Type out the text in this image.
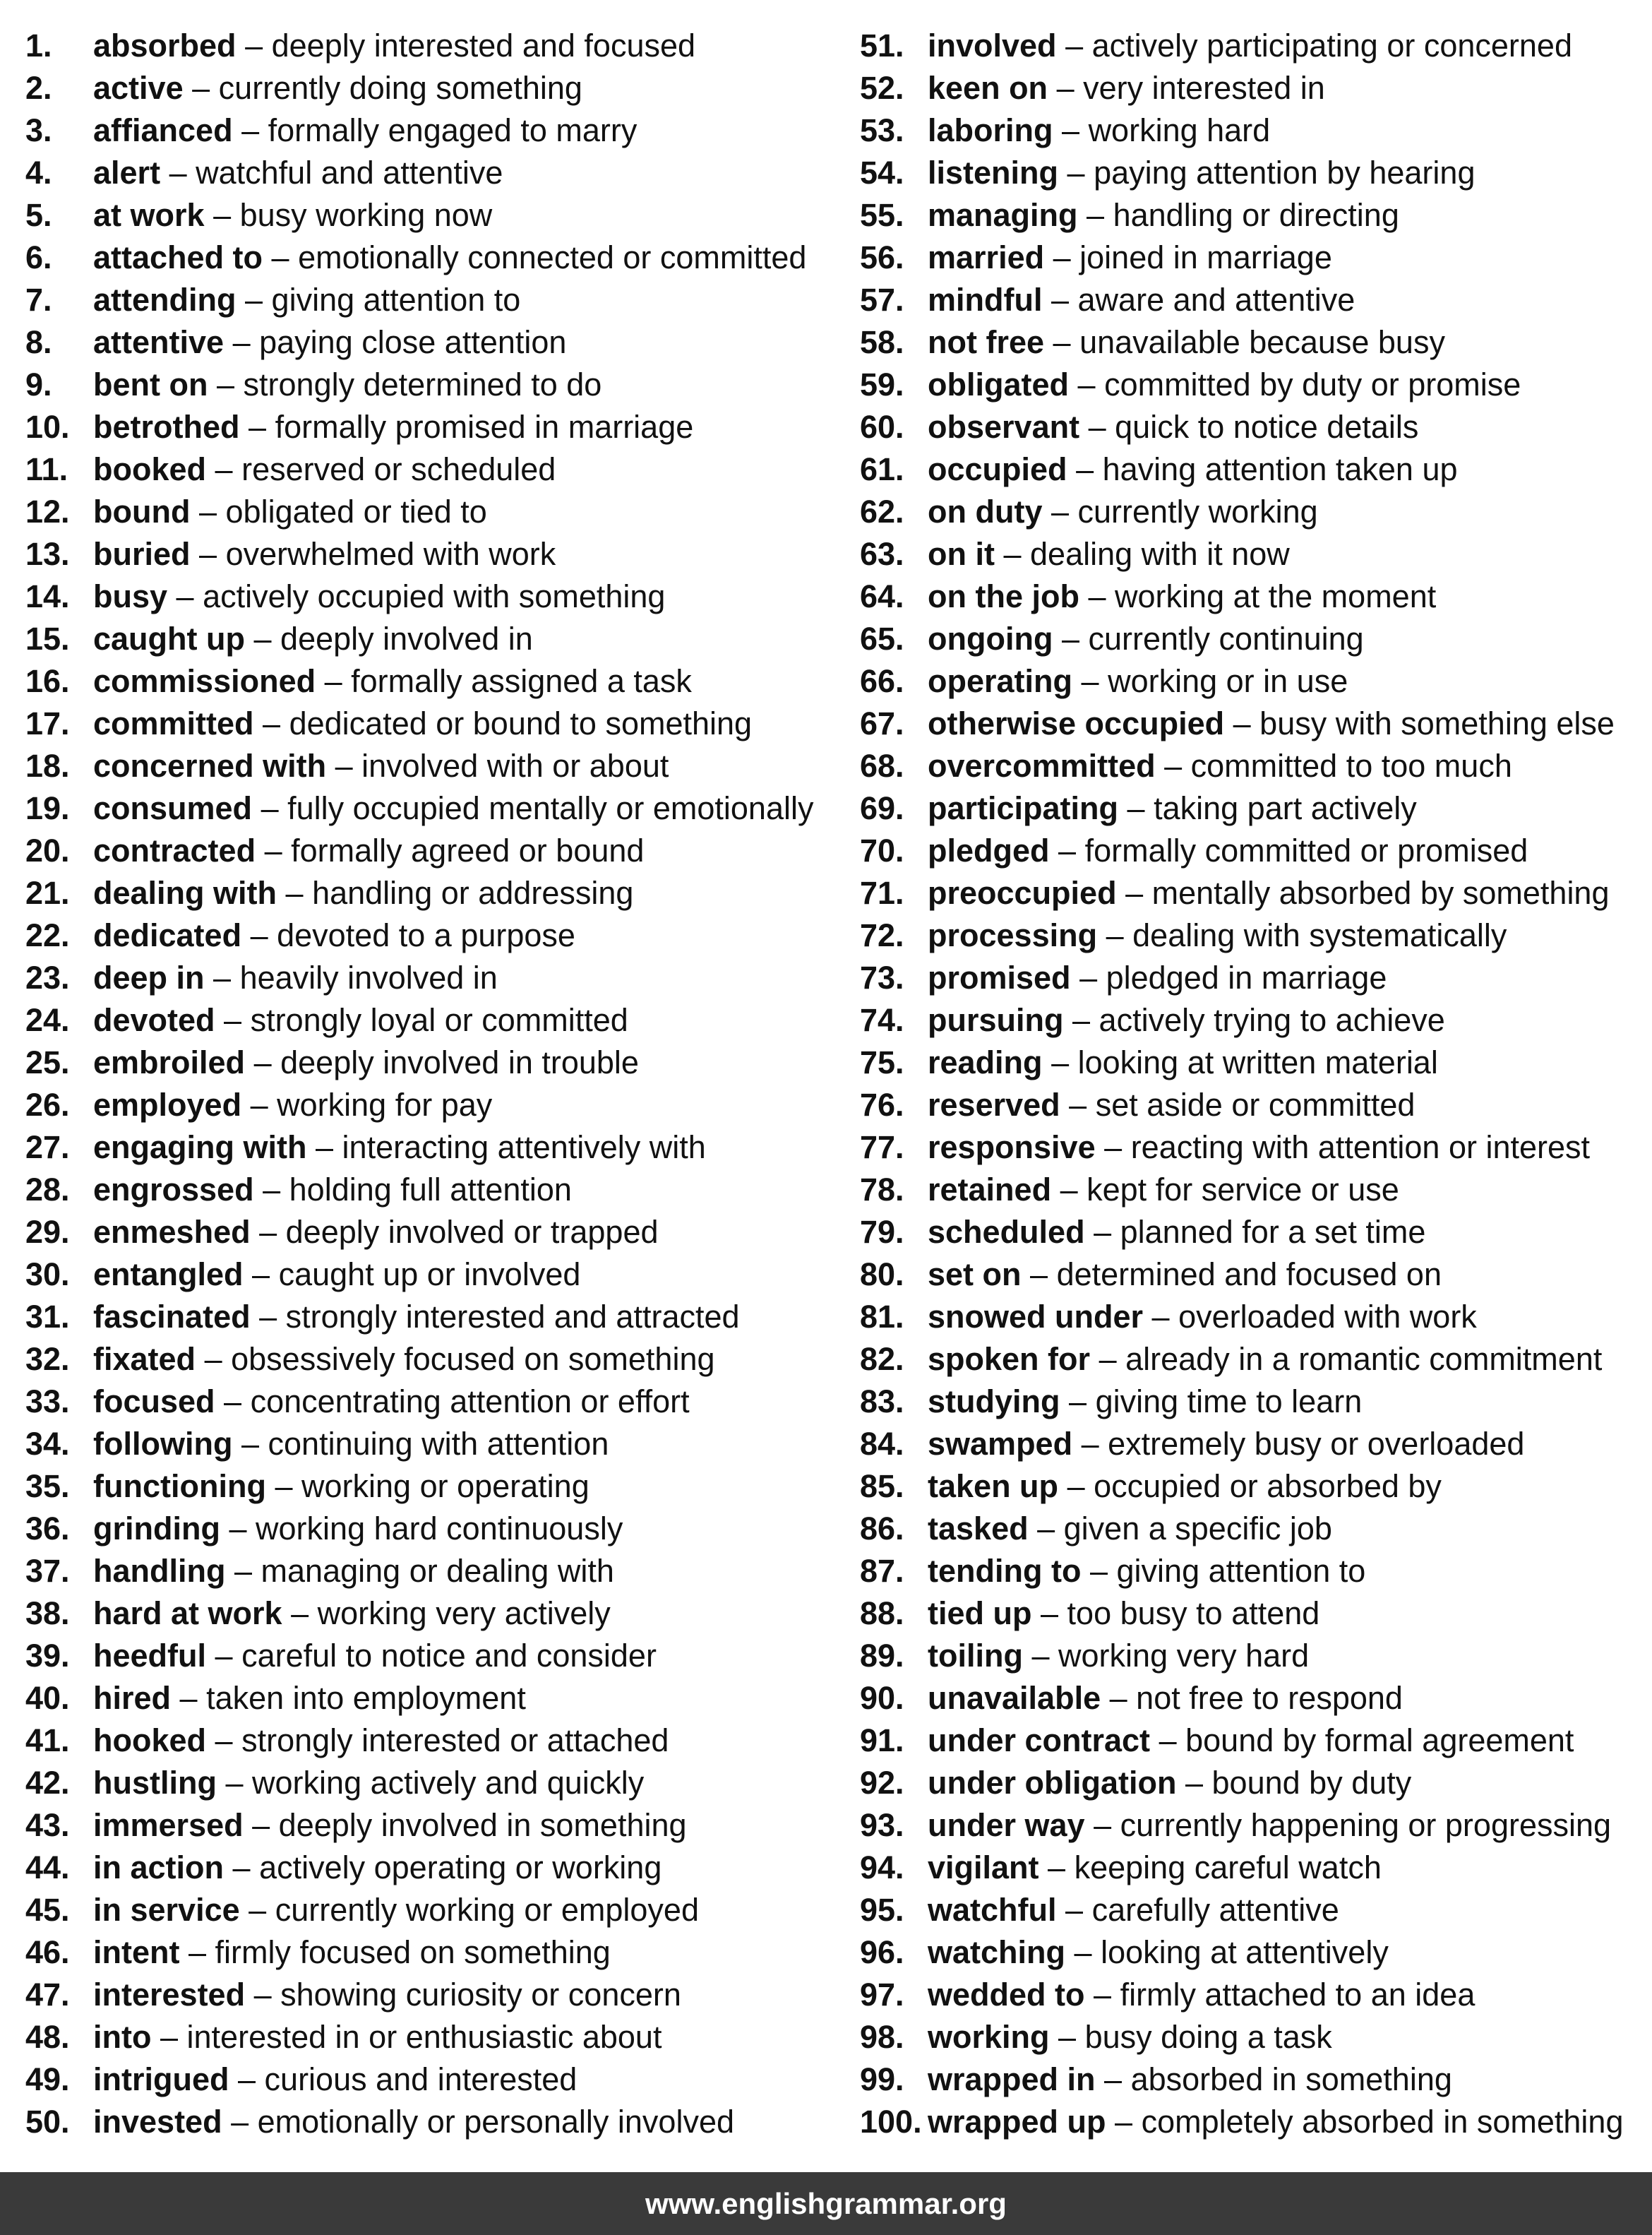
1. absorbed – deeply interested and focused
2. active – currently doing something
3. affianced – formally engaged to marry
4. alert – watchful and attentive
5. at work – busy working now
6. attached to – emotionally connected or committed
7. attending – giving attention to
8. attentive – paying close attention
9. bent on – strongly determined to do
10. betrothed – formally promised in marriage
11. booked – reserved or scheduled
12. bound – obligated or tied to
13. buried – overwhelmed with work
14. busy – actively occupied with something
15. caught up – deeply involved in
16. commissioned – formally assigned a task
17. committed – dedicated or bound to something
18. concerned with – involved with or about
19. consumed – fully occupied mentally or emotionally
20. contracted – formally agreed or bound
21. dealing with – handling or addressing
22. dedicated – devoted to a purpose
23. deep in – heavily involved in
24. devoted – strongly loyal or committed
25. embroiled – deeply involved in trouble
26. employed – working for pay
27. engaging with – interacting attentively with
28. engrossed – holding full attention
29. enmeshed – deeply involved or trapped
30. entangled – caught up or involved
31. fascinated – strongly interested and attracted
32. fixated – obsessively focused on something
33. focused – concentrating attention or effort
34. following – continuing with attention
35. functioning – working or operating
36. grinding – working hard continuously
37. handling – managing or dealing with
38. hard at work – working very actively
39. heedful – careful to notice and consider
40. hired – taken into employment
41. hooked – strongly interested or attached
42. hustling – working actively and quickly
43. immersed – deeply involved in something
44. in action – actively operating or working
45. in service – currently working or employed
46. intent – firmly focused on something
47. interested – showing curiosity or concern
48. into – interested in or enthusiastic about
49. intrigued – curious and interested
50. invested – emotionally or personally involved
51. involved – actively participating or concerned
52. keen on – very interested in
53. laboring – working hard
54. listening – paying attention by hearing
55. managing – handling or directing
56. married – joined in marriage
57. mindful – aware and attentive
58. not free – unavailable because busy
59. obligated – committed by duty or promise
60. observant – quick to notice details
61. occupied – having attention taken up
62. on duty – currently working
63. on it – dealing with it now
64. on the job – working at the moment
65. ongoing – currently continuing
66. operating – working or in use
67. otherwise occupied – busy with something else
68. overcommitted – committed to too much
69. participating – taking part actively
70. pledged – formally committed or promised
71. preoccupied – mentally absorbed by something
72. processing – dealing with systematically
73. promised – pledged in marriage
74. pursuing – actively trying to achieve
75. reading – looking at written material
76. reserved – set aside or committed
77. responsive – reacting with attention or interest
78. retained – kept for service or use
79. scheduled – planned for a set time
80. set on – determined and focused on
81. snowed under – overloaded with work
82. spoken for – already in a romantic commitment
83. studying – giving time to learn
84. swamped – extremely busy or overloaded
85. taken up – occupied or absorbed by
86. tasked – given a specific job
87. tending to – giving attention to
88. tied up – too busy to attend
89. toiling – working very hard
90. unavailable – not free to respond
91. under contract – bound by formal agreement
92. under obligation – bound by duty
93. under way – currently happening or progressing
94. vigilant – keeping careful watch
95. watchful – carefully attentive
96. watching – looking at attentively
97. wedded to – firmly attached to an idea
98. working – busy doing a task
99. wrapped in – absorbed in something
100. wrapped up – completely absorbed in something
www.englishgrammar.org
